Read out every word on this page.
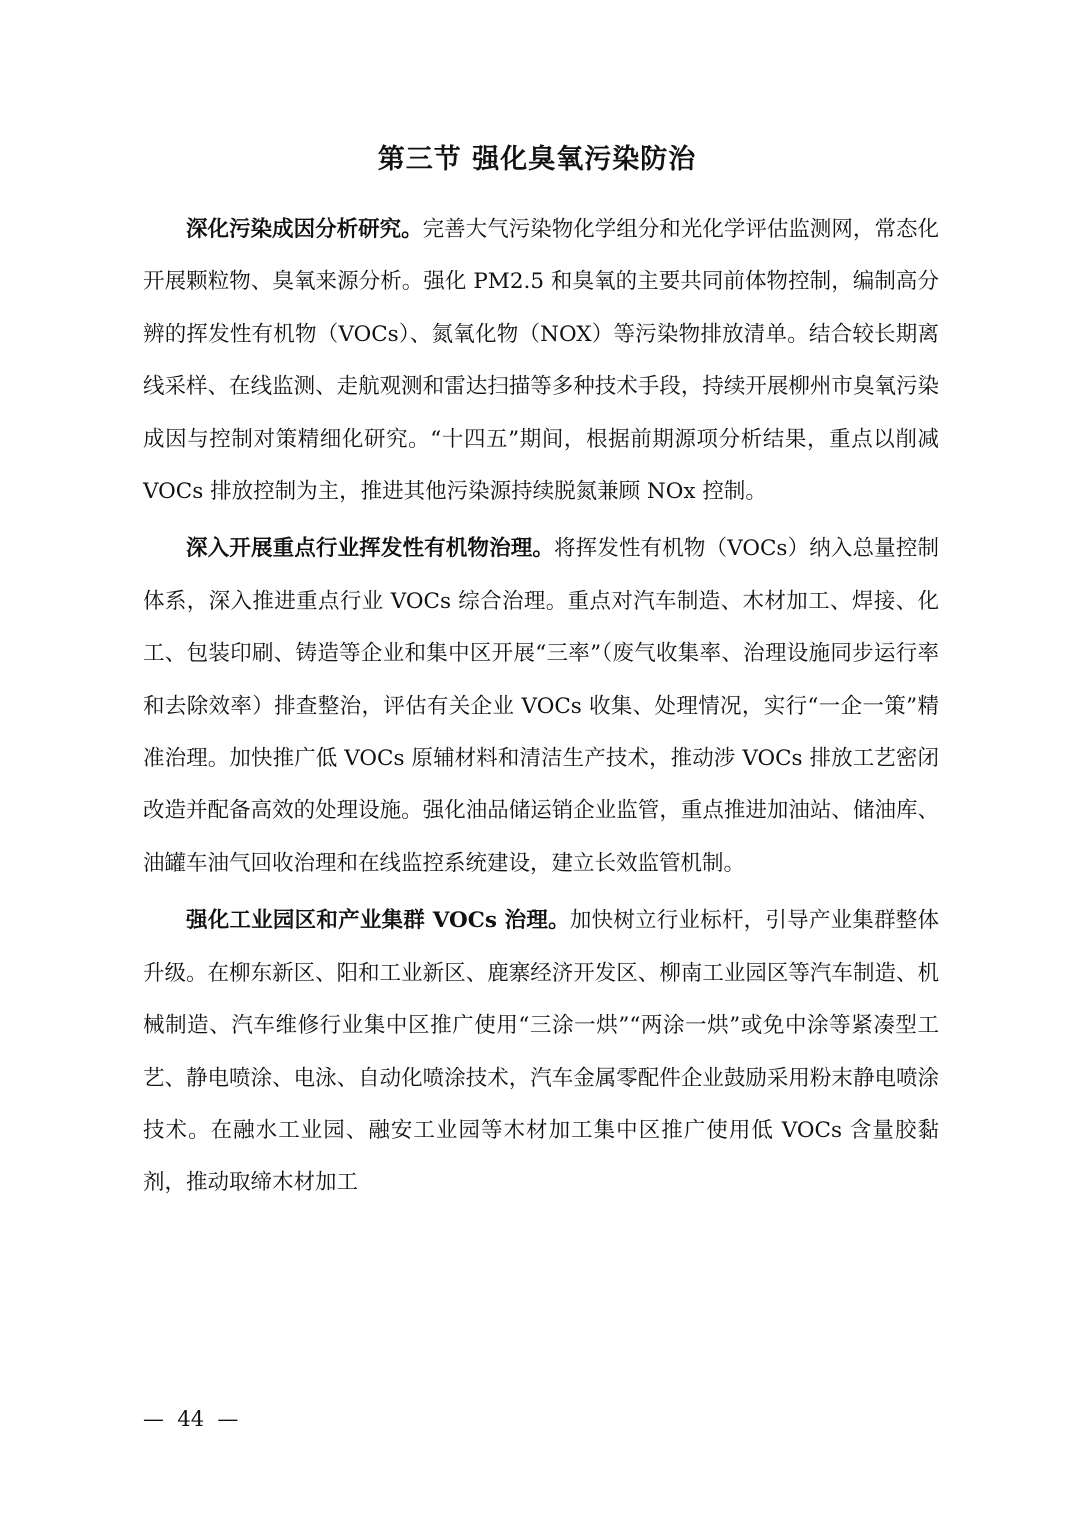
第三节 强化臭氧污染防治

深化污染成因分析研究。完善大气污染物化学组分和光化学评估监测网，常态化开展颗粒物、臭氧来源分析。强化 PM2.5 和臭氧的主要共同前体物控制，编制高分辨的挥发性有机物（VOCs）、氮氧化物（NOX）等污染物排放清单。结合较长期离线采样、在线监测、走航观测和雷达扫描等多种技术手段，持续开展柳州市臭氧污染成因与控制对策精细化研究。“十四五”期间，根据前期源项分析结果，重点以削减 VOCs 排放控制为主，推进其他污染源持续脱氮兼顾 NOx 控制。

深入开展重点行业挥发性有机物治理。将挥发性有机物（VOCs）纳入总量控制体系，深入推进重点行业 VOCs 综合治理。重点对汽车制造、木材加工、焊接、化工、包装印刷、铸造等企业和集中区开展“三率”（废气收集率、治理设施同步运行率和去除效率）排查整治，评估有关企业 VOCs 收集、处理情况，实行“一企一策”精准治理。加快推广低 VOCs 原辅材料和清洁生产技术，推动涉 VOCs 排放工艺密闭改造并配备高效的处理设施。强化油品储运销企业监管，重点推进加油站、储油库、油罐车油气回收治理和在线监控系统建设，建立长效监管机制。

强化工业园区和产业集群 VOCs 治理。加快树立行业标杆，引导产业集群整体升级。在柳东新区、阳和工业新区、鹿寨经济开发区、柳南工业园区等汽车制造、机械制造、汽车维修行业集中区推广使用“三涂一烘”“两涂一烘”或免中涂等紧凑型工艺、静电喷涂、电泳、自动化喷涂技术，汽车金属零配件企业鼓励采用粉末静电喷涂技术。在融水工业园、融安工业园等木材加工集中区推广使用低 VOCs 含量胶黏剂，推动取缔木材加工

—  44  —
